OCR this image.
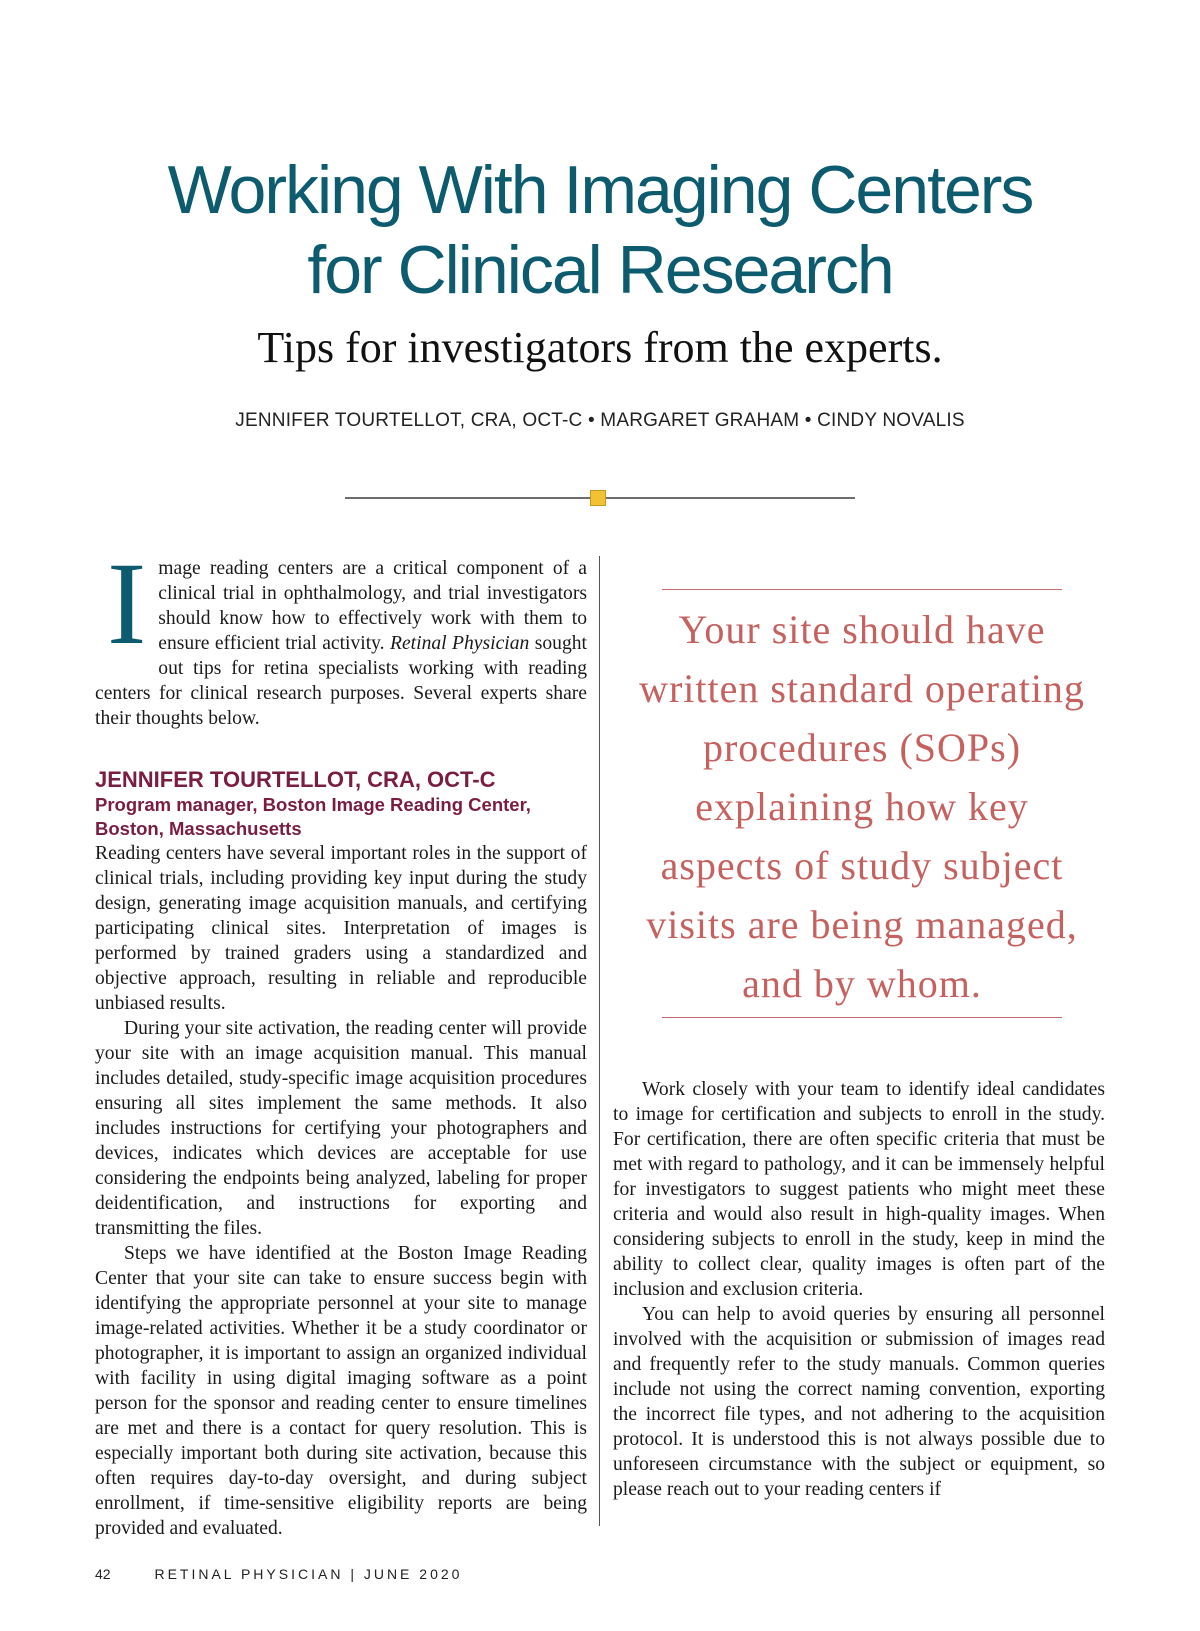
Working With Imaging Centers
for Clinical Research
Tips for investigators from the experts.
JENNIFER TOURTELLOT, CRA, OCT-C • MARGARET GRAHAM • CINDY NOVALIS
I mage reading centers are a critical component of a clinical trial in ophthalmology, and trial investigators should know how to effectively work with them to ensure efficient trial activity. Retinal Physician sought out tips for retina specialists working with reading centers for clinical research purposes. Several experts share their thoughts below.

JENNIFER TOURTELLOT, CRA, OCT-C
Program manager, Boston Image Reading Center, Boston, Massachusetts

Reading centers have several important roles in the support of clinical trials, including providing key input during the study design, generating image acquisition manuals, and certifying participating clinical sites. Interpretation of images is performed by trained graders using a standardized and objective approach, resulting in reliable and reproducible unbiased results.

During your site activation, the reading center will provide your site with an image acquisition manual. This manual includes detailed, study-specific image acquisition procedures ensuring all sites implement the same methods. It also includes instructions for certifying your photographers and devices, indicates which devices are acceptable for use considering the endpoints being analyzed, labeling for proper deidentification, and instructions for exporting and transmitting the files.

Steps we have identified at the Boston Image Reading Center that your site can take to ensure success begin with identifying the appropriate personnel at your site to manage image-related activities. Whether it be a study coordinator or photographer, it is important to assign an organized individual with facility in using digital imaging software as a point person for the sponsor and reading center to ensure timelines are met and there is a contact for query resolution. This is especially important both during site activation, because this often requires day-to-day oversight, and during subject enrollment, if time-sensitive eligibility reports are being provided and evaluated.

Your site should have written standard operating procedures (SOPs) explaining how key aspects of study subject visits are being managed, and by whom.

Work closely with your team to identify ideal candidates to image for certification and subjects to enroll in the study. For certification, there are often specific criteria that must be met with regard to pathology, and it can be immensely helpful for investigators to suggest patients who might meet these criteria and would also result in high-quality images. When considering subjects to enroll in the study, keep in mind the ability to collect clear, quality images is often part of the inclusion and exclusion criteria.

You can help to avoid queries by ensuring all personnel involved with the acquisition or submission of images read and frequently refer to the study manuals. Common queries include not using the correct naming convention, exporting the incorrect file types, and not adhering to the acquisition protocol. It is understood this is not always possible due to unforeseen circumstance with the subject or equipment, so please reach out to your reading centers if

42	RETINAL PHYSICIAN | JUNE 2020
